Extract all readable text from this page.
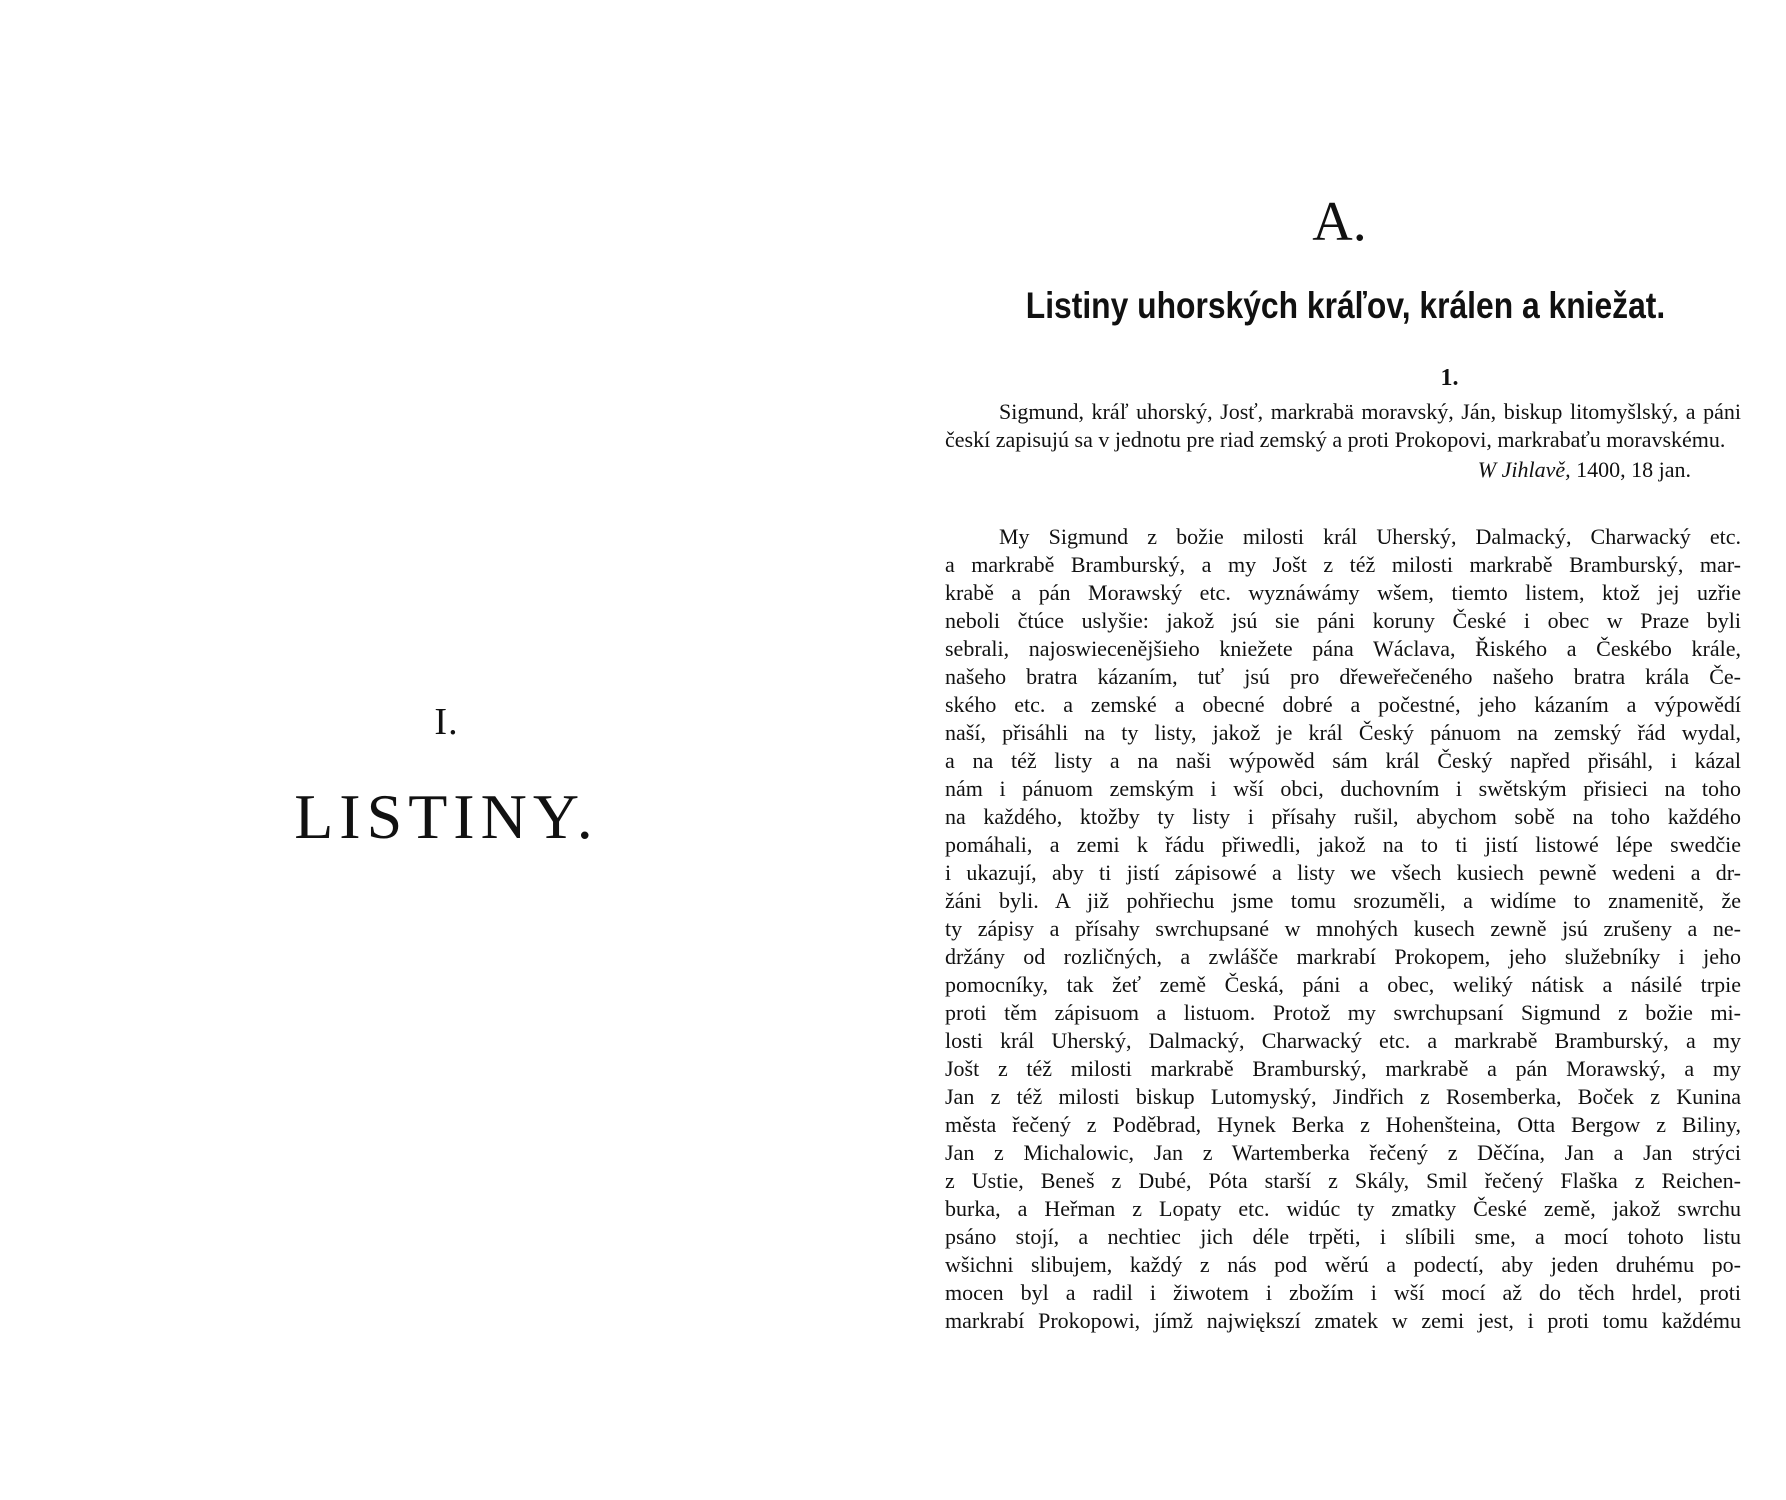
I.
LISTINY.
A.
Listiny uhorských kráľov, králen a kniežat.
1.

Sigmund, kráľ uhorský, Josť, markrabä moravský, Ján, biskup litomyšlský, a páni českí zapisujú sa v jednotu pre riad zemský a proti Prokopovi, markrabaťu moravskému.
W Jihlavě, 1400, 18 jan.

My Sigmund z božie milosti král Uherský, Dalmacký, Charwacký etc.
a markrabě Bramburský, a my Jošt z též milosti markrabě Bramburský, mar-
krabě a pán Morawský etc. wyznáwámy wšem, tiemto listem, ktož jej uzřie
neboli čtúce uslyšie: jakož jsú sie páni koruny České i obec w Praze byli
sebrali, najoswiecenějšieho kniežete pána Wáclava, Řiského a Českébo krále,
našeho bratra kázaním, tuť jsú pro dřeweřečeného našeho bratra krála Če-
ského etc. a zemské a obecné dobré a počestné, jeho kázaním a výpowědí
naší, přisáhli na ty listy, jakož je král Český pánuom na zemský řád wydal,
a na též listy a na naši wýpowěd sám král Český napřed přisáhl, i kázal
nám i pánuom zemským i wší obci, duchovním i swětským přisieci na toho
na každého, ktožby ty listy i přísahy rušil, abychom sobě na toho každého
pomáhali, a zemi k řádu přiwedli, jakož na to ti jistí listowé lépe swedčie
i ukazují, aby ti jistí zápisowé a listy we všech kusiech pewně wedeni a dr-
žáni byli. A již pohřiechu jsme tomu srozuměli, a widíme to znamenitě, že
ty zápisy a přísahy swrchupsané w mnohých kusech zewně jsú zrušeny a ne-
držány od rozličných, a zwlášče markrabí Prokopem, jeho služebníky i jeho
pomocníky, tak žeť země Česká, páni a obec, weliký nátisk a násilé trpie
proti těm zápisuom a listuom. Protož my swrchupsaní Sigmund z božie mi-
losti král Uherský, Dalmacký, Charwacký etc. a markrabě Bramburský, a my
Jošt z též milosti markrabě Bramburský, markrabě a pán Morawský, a my
Jan z též milosti biskup Lutomyský, Jindřich z Rosemberka, Boček z Kunina
města řečený z Poděbrad, Hynek Berka z Hohenšteina, Otta Bergow z Biliny,
Jan z Michalowic, Jan z Wartemberka řečený z Děčína, Jan a Jan strýci
z Ustie, Beneš z Dubé, Póta starší z Skály, Smil řečený Flaška z Reichen-
burka, a Heřman z Lopaty etc. widúc ty zmatky České země, jakož swrchu
psáno stojí, a nechtiec jich déle trpěti, i slíbili sme, a mocí tohoto listu
wšichni slibujem, každý z nás pod wěrú a podectí, aby jeden druhému po-
mocen byl a radil i žiwotem i zbožím i wší mocí až do těch hrdel, proti
markrabí Prokopowi, jímž największí zmatek w zemi jest, i proti tomu každému
